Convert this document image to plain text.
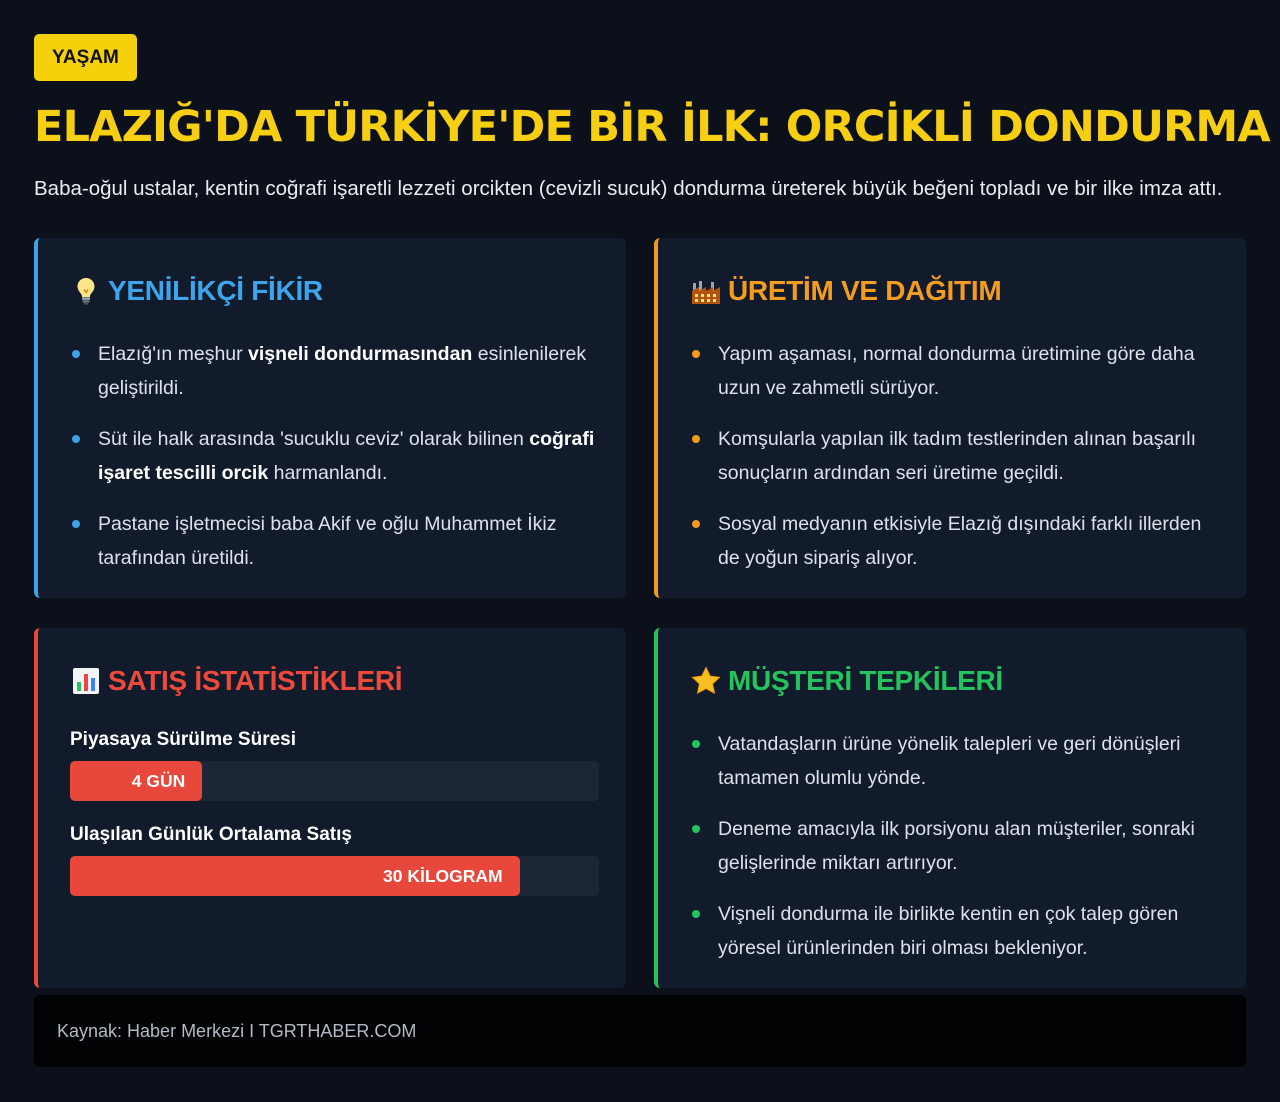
YAŞAM
ELAZIĞ'DA TÜRKİYE'DE BİR İLK: ORCİKLİ DONDURMA

Baba-oğul ustalar, kentin coğrafi işaretli lezzeti orcikten (cevizli sucuk) dondurma üreterek büyük beğeni topladı ve bir ilke imza attı.

YENİLİKÇİ FİKİR
Elazığ'ın meşhur vişneli dondurmasından esinlenilerek geliştirildi.
Süt ile halk arasında 'sucuklu ceviz' olarak bilinen coğrafi işaret tescilli orcik harmanlandı.
Pastane işletmecisi baba Akif ve oğlu Muhammet İkiz tarafından üretildi.
ÜRETİM VE DAĞITIM
Yapım aşaması, normal dondurma üretimine göre daha uzun ve zahmetli sürüyor.
Komşularla yapılan ilk tadım testlerinden alınan başarılı sonuçların ardından seri üretime geçildi.
Sosyal medyanın etkisiyle Elazığ dışındaki farklı illerden de yoğun sipariş alıyor.
SATIŞ İSTATİSTİKLERİ
Piyasaya Sürülme Süresi
4 GÜN
Ulaşılan Günlük Ortalama Satış
30 KİLOGRAM
MÜŞTERİ TEPKİLERİ
Vatandaşların ürüne yönelik talepleri ve geri dönüşleri tamamen olumlu yönde.
Deneme amacıyla ilk porsiyonu alan müşteriler, sonraki gelişlerinde miktarı artırıyor.
Vişneli dondurma ile birlikte kentin en çok talep gören yöresel ürünlerinden biri olması bekleniyor.
Kaynak: Haber Merkezi I TGRTHABER.COM
